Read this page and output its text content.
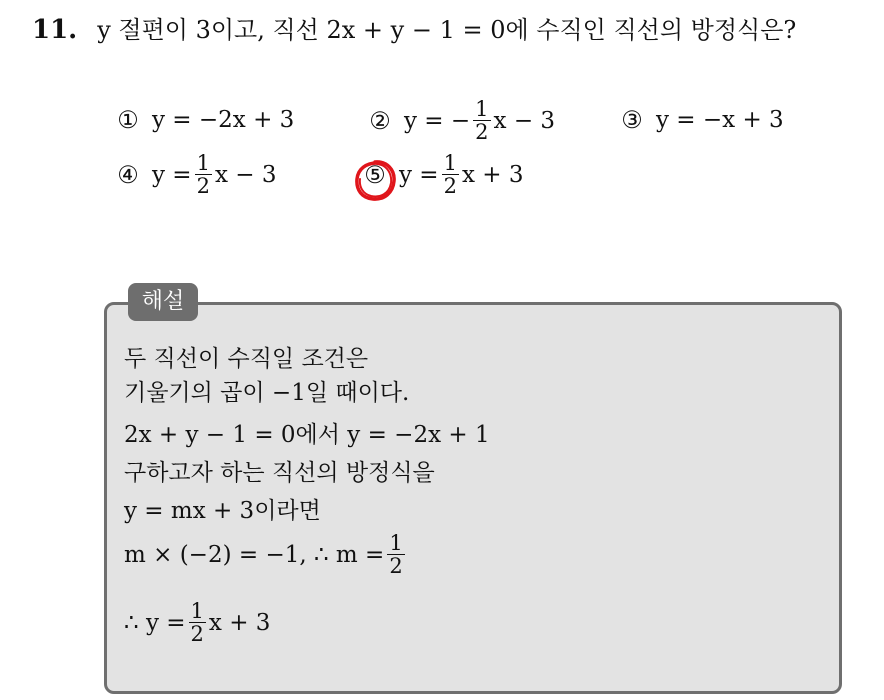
11. y 절편이 3이고, 직선 2x + y − 1 = 0에 수직인 직선의 방정식은?
① y = −2x + 3	② y = − $\frac{1}{2}$ x − 3	③ y = −x + 3
④ $y = \frac{1}{2}$ x − 3	⑤ $y = \frac{1}{2}$ x + 3
해설
두 직선이 수직일 조건은
기울기의 곱이 −1일 때이다.
2x + y − 1 = 0에서 y = −2x + 1
구하고자 하는 직선의 방정식을
y = mx + 3이라면
m × (−2) = −1, ∴ $m = \frac{1}{2}$
∴ $y = \frac{1}{2}$ x + 3
